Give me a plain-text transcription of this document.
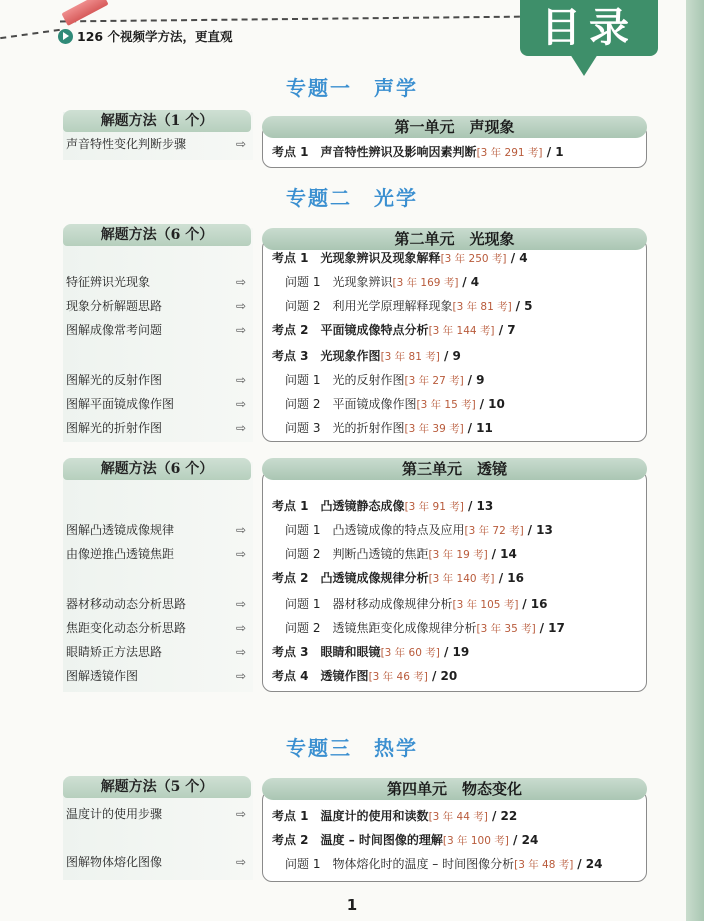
126 个视频学方法，更直观	目录
专题一　声学
解题方法（1 个）	第一单元　声现象
声音特性变化判断步骤	⇨
考点 1　 声音特性辨识及影响因素判断[3 年 291 考] / 1
专题二　光学
解题方法（6 个）	第二单元　光现象
特征辨识光现象	⇨
现象分析解题思路	⇨
图解成像常考问题	⇨
图解光的反射作图	⇨
图解平面镜成像作图	⇨
图解光的折射作图	⇨
考点 1　 光现象辨识及现象解释[3 年 250 考] / 4
问题 1　 光现象辨识[3 年 169 考] / 4
问题 2　 利用光学原理解释现象[3 年 81 考] / 5
考点 2　 平面镜成像特点分析[3 年 144 考] / 7
考点 3　 光现象作图[3 年 81 考] / 9
问题 1　 光的反射作图[3 年 27 考] / 9
问题 2　 平面镜成像作图[3 年 15 考] / 10
问题 3　 光的折射作图[3 年 39 考] / 11
解题方法（6 个）	第三单元　透镜
图解凸透镜成像规律	⇨
由像逆推凸透镜焦距	⇨
器材移动动态分析思路	⇨
焦距变化动态分析思路	⇨
眼睛矫正方法思路	⇨
图解透镜作图	⇨
考点 1　 凸透镜静态成像[3 年 91 考] / 13
问题 1　 凸透镜成像的特点及应用[3 年 72 考] / 13
问题 2　 判断凸透镜的焦距[3 年 19 考] / 14
考点 2　 凸透镜成像规律分析[3 年 140 考] / 16
问题 1　 器材移动成像规律分析[3 年 105 考] / 16
问题 2　 透镜焦距变化成像规律分析[3 年 35 考] / 17
考点 3　 眼睛和眼镜[3 年 60 考] / 19
考点 4　 透镜作图[3 年 46 考] / 20
专题三　热学
解题方法（5 个）	第四单元　物态变化
温度计的使用步骤	⇨
图解物体熔化图像	⇨
考点 1　 温度计的使用和读数[3 年 44 考] / 22
考点 2　 温度 – 时间图像的理解[3 年 100 考] / 24
问题 1　 物体熔化时的温度 – 时间图像分析[3 年 48 考] / 24
1
